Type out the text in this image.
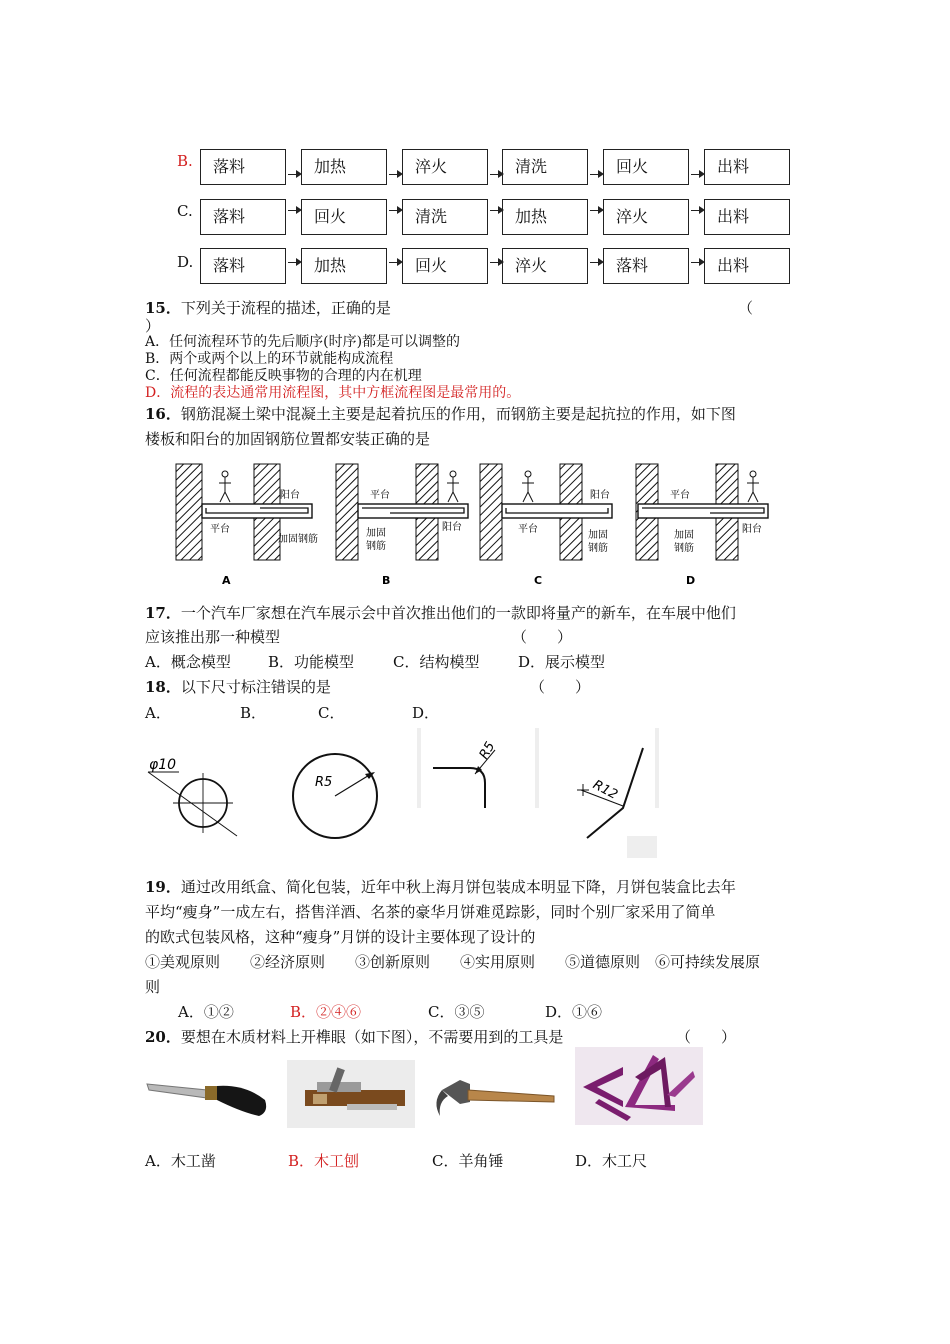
B.	落料	加热	淬火	清洗	回火	出料
C.	落料	回火	清洗	加热	淬火	出料
D.	落料	加热	回火	淬火	落料	出料
15．下列关于流程的描述，正确的是	（
）
A．任何流程环节的先后顺序(时序)都是可以调整的
B．两个或两个以上的环节就能构成流程
C．任何流程都能反映事物的合理的内在机理
D．流程的表达通常用流程图，其中方框流程图是最常用的。
16．钢筋混凝土梁中混凝土主要是起着抗压的作用，而钢筋主要是起抗拉的作用，如下图
楼板和阳台的加固钢筋位置都安装正确的是
阳台
平台
加固钢筋
A
平台
阳台
加固
钢筋
B
阳台
平台
加固
钢筋
C
平台
阳台
加固
钢筋
D
17．一个汽车厂家想在汽车展示会中首次推出他们的一款即将量产的新车，在车展中他们
应该推出那一种模型	（　　）
A．概念模型 B．功能模型	C．结构模型	D．展示模型
18．以下尺寸标注错误的是	（　　）
A．	B．	C．	D．
φ10
R5
R5
R12
19．通过改用纸盒、简化包装，近年中秋上海月饼包装成本明显下降，月饼包装盒比去年
平均“瘦身”一成左右，搭售洋酒、名茶的豪华月饼难觅踪影，同时个别厂家采用了简单
的欧式包装风格，这种“瘦身”月饼的设计主要体现了设计的
①美观原则　　②经济原则　　③创新原则　　④实用原则　　⑤道德原则　⑥可持续发展原
则
A．①②	B．②④⑥	C．③⑤	D．①⑥
20．要想在木质材料上开榫眼（如下图），不需要用到的工具是	（　　）
A．木工凿	B．木工刨	C．羊角锤	D．木工尺
